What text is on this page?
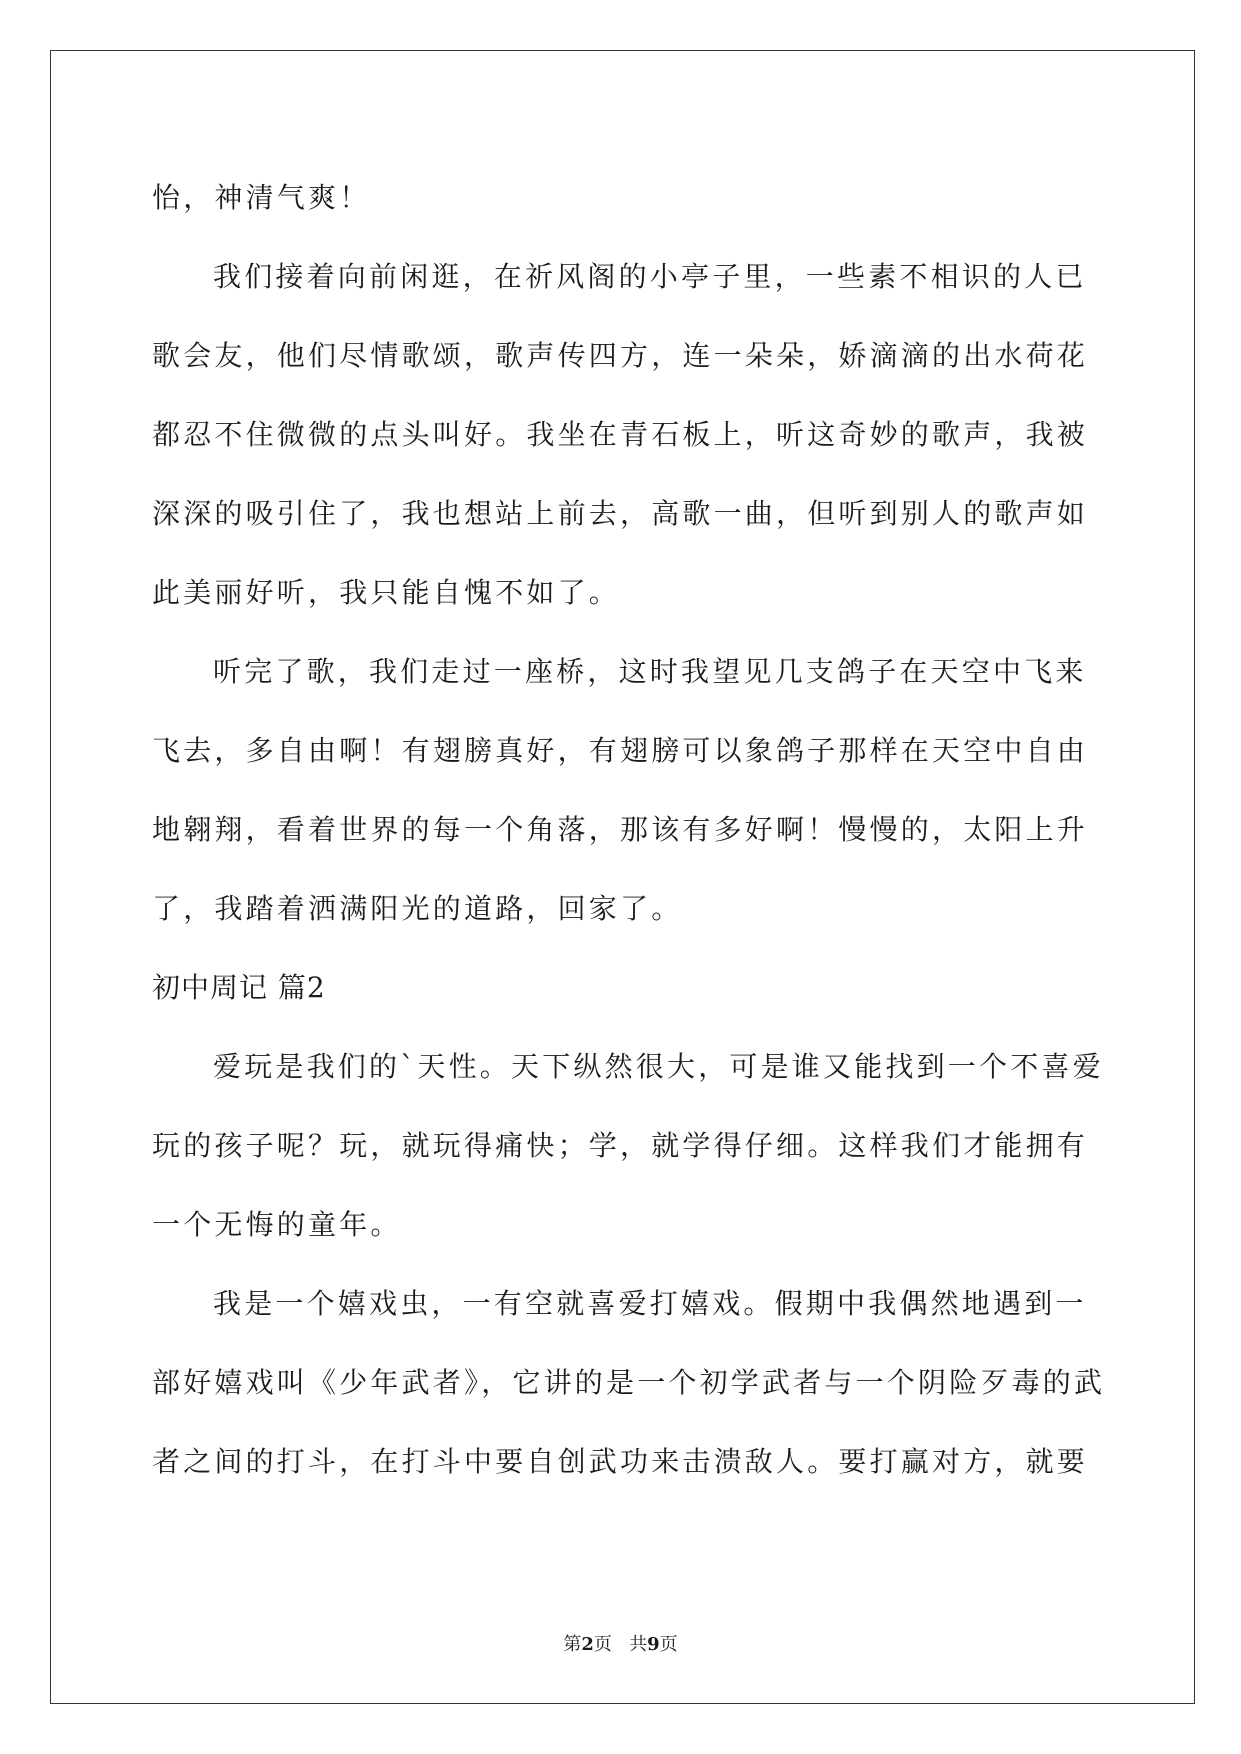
怡，神清气爽！

我们接着向前闲逛，在祈风阁的小亭子里，一些素不相识的人已

歌会友，他们尽情歌颂，歌声传四方，连一朵朵，娇滴滴的出水荷花

都忍不住微微的点头叫好。我坐在青石板上，听这奇妙的歌声，我被

深深的吸引住了，我也想站上前去，高歌一曲，但听到别人的歌声如

此美丽好听，我只能自愧不如了。

听完了歌，我们走过一座桥，这时我望见几支鸽子在天空中飞来

飞去，多自由啊！有翅膀真好，有翅膀可以象鸽子那样在天空中自由

地翱翔，看着世界的每一个角落，那该有多好啊！慢慢的，太阳上升

了，我踏着洒满阳光的道路，回家了。

初中周记 篇2

爱玩是我们的`天性。天下纵然很大，可是谁又能找到一个不喜爱

玩的孩子呢？玩，就玩得痛快；学，就学得仔细。这样我们才能拥有

一个无悔的童年。

我是一个嬉戏虫，一有空就喜爱打嬉戏。假期中我偶然地遇到一

部好嬉戏叫《少年武者》，它讲的是一个初学武者与一个阴险歹毒的武

者之间的打斗，在打斗中要自创武功来击溃敌人。要打赢对方，就要

第2页   共9页
